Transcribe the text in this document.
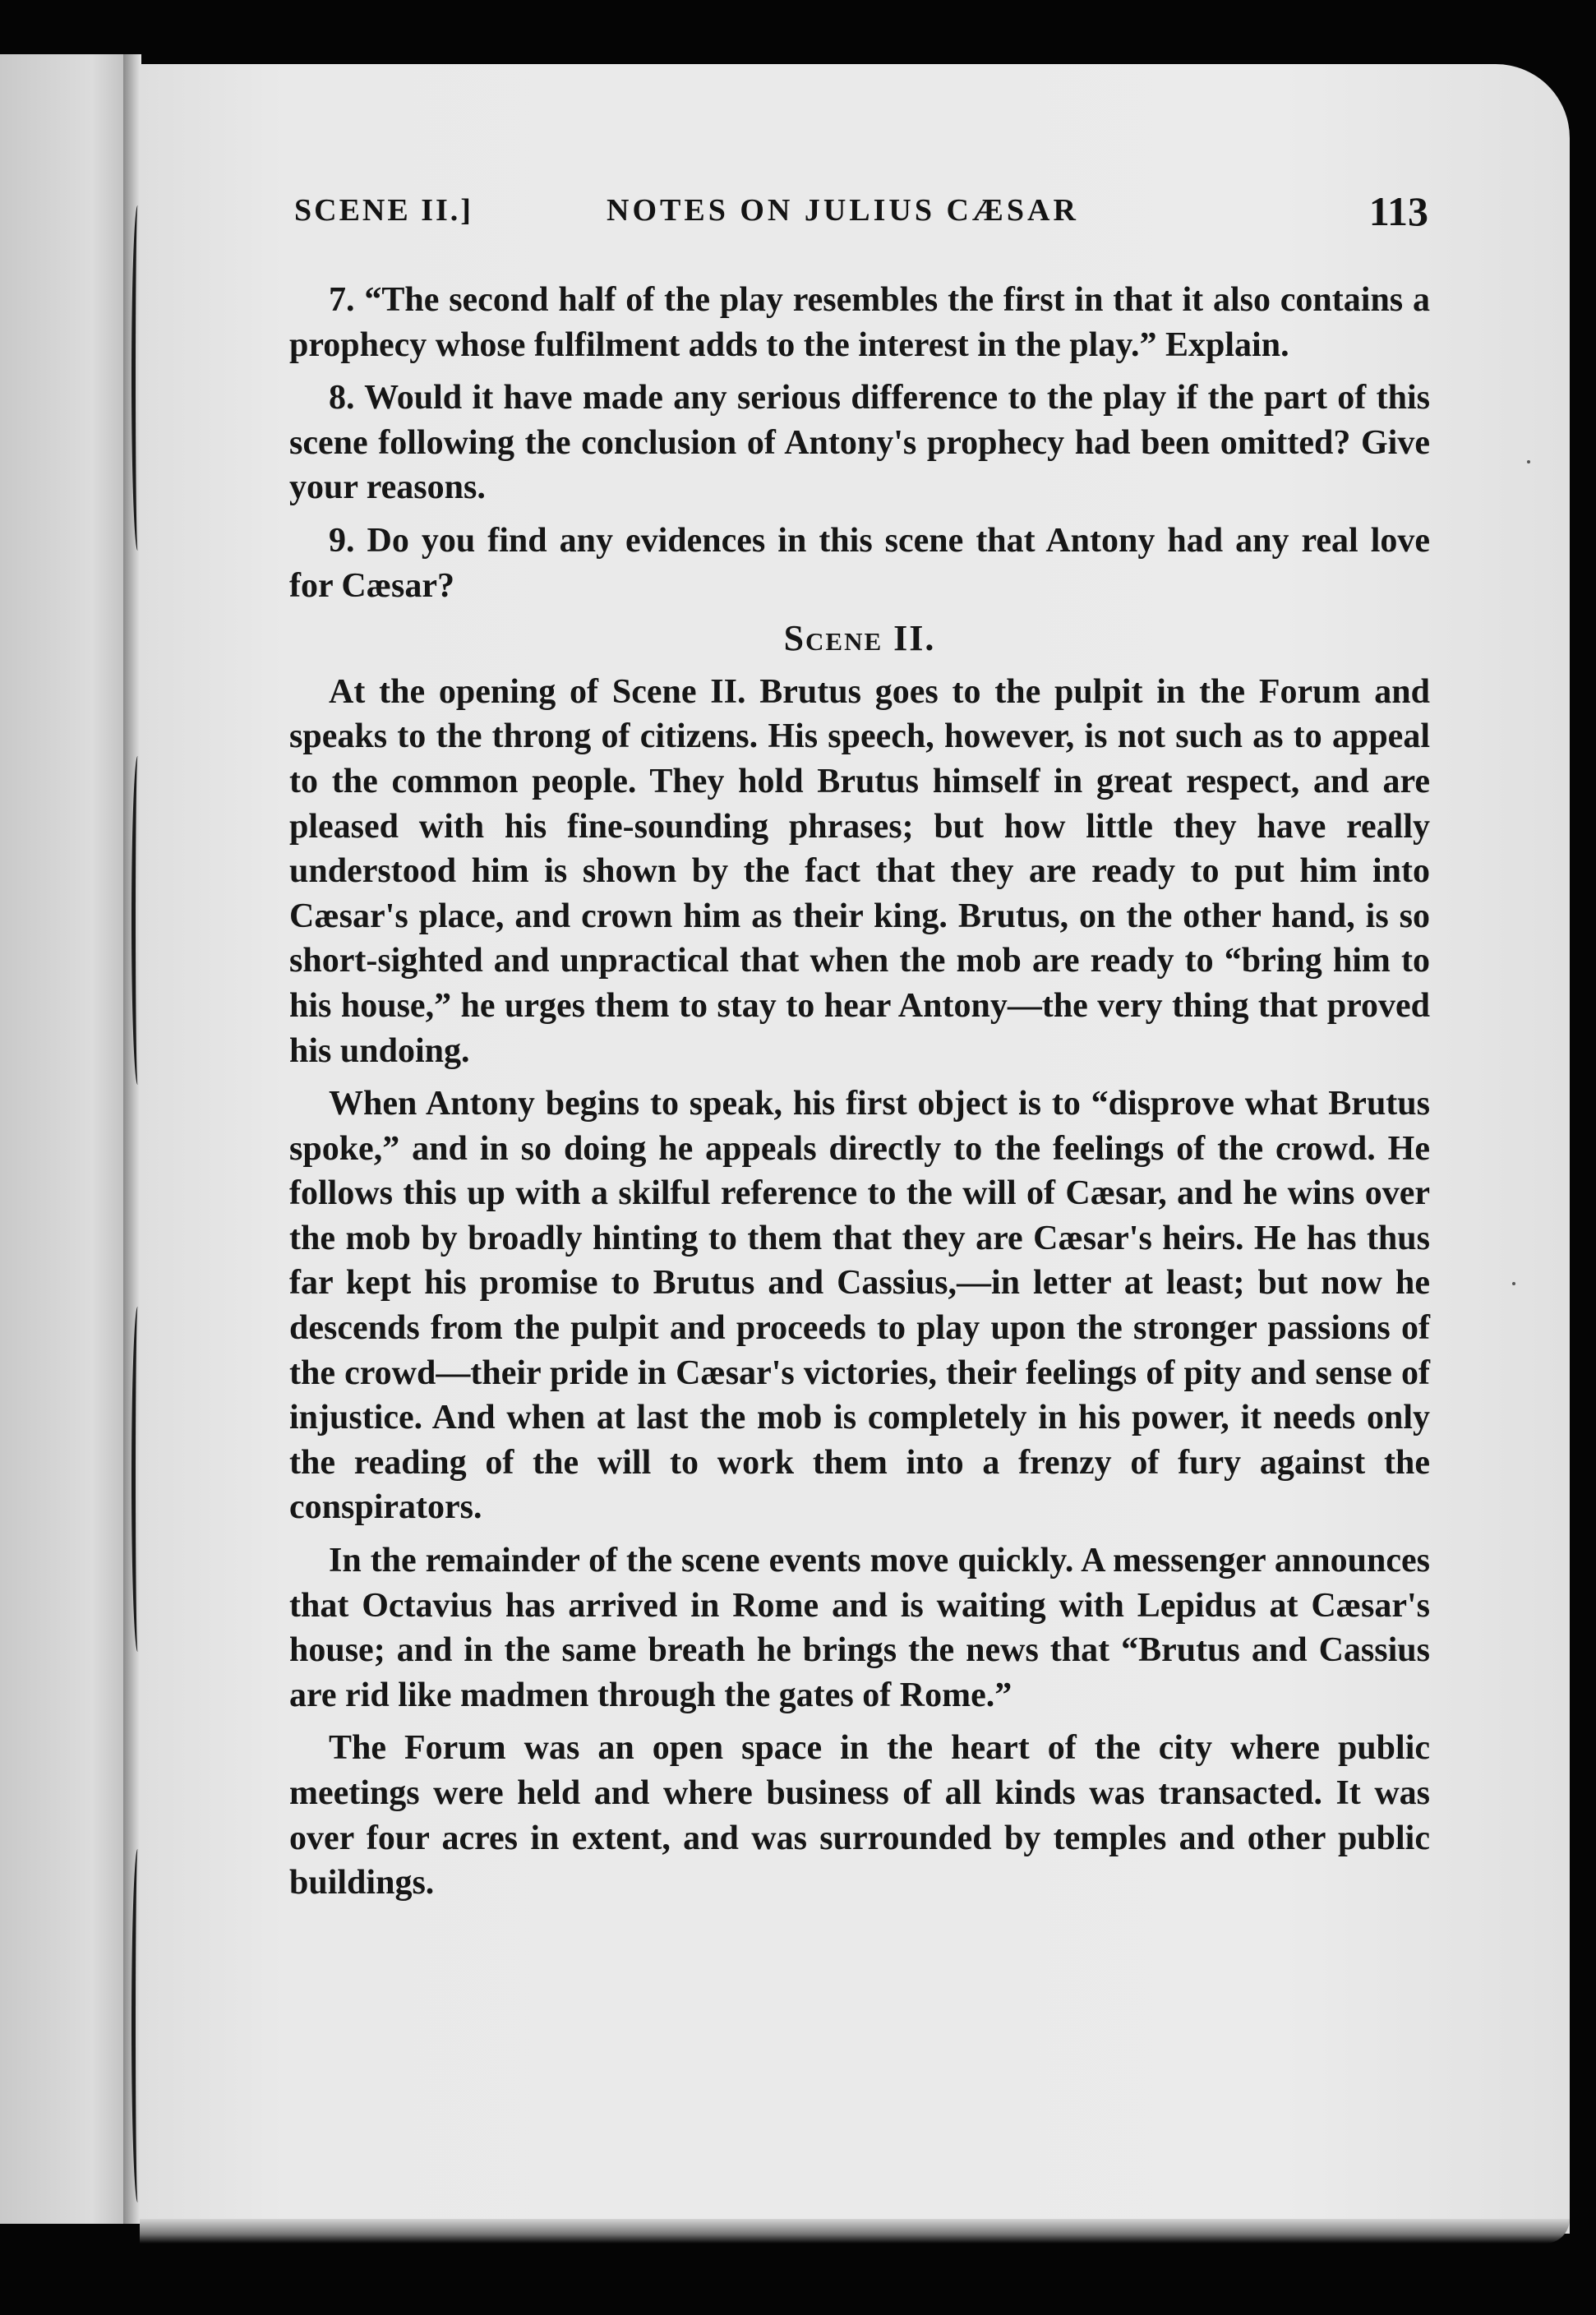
SCENE II.]	NOTES ON JULIUS CÆSAR	113

7. “The second half of the play resembles the first in that it also contains a prophecy whose fulfilment adds to the interest in the play.” Explain.

8. Would it have made any serious difference to the play if the part of this scene following the conclusion of Antony's prophecy had been omitted? Give your reasons.

9. Do you find any evidences in this scene that Antony had any real love for Cæsar?

Scene II.

At the opening of Scene II. Brutus goes to the pulpit in the Forum and speaks to the throng of citizens. His speech, however, is not such as to appeal to the common people. They hold Brutus himself in great respect, and are pleased with his fine-sounding phrases; but how little they have really understood him is shown by the fact that they are ready to put him into Cæsar's place, and crown him as their king. Brutus, on the other hand, is so short-sighted and unpractical that when the mob are ready to “bring him to his house,” he urges them to stay to hear Antony—the very thing that proved his undoing.

When Antony begins to speak, his first object is to “disprove what Brutus spoke,” and in so doing he appeals directly to the feelings of the crowd. He follows this up with a skilful reference to the will of Cæsar, and he wins over the mob by broadly hinting to them that they are Cæsar's heirs. He has thus far kept his promise to Brutus and Cassius,—in letter at least; but now he descends from the pulpit and proceeds to play upon the stronger passions of the crowd—their pride in Cæsar's victories, their feelings of pity and sense of injustice. And when at last the mob is completely in his power, it needs only the reading of the will to work them into a frenzy of fury against the conspirators.

In the remainder of the scene events move quickly. A messenger announces that Octavius has arrived in Rome and is waiting with Lepidus at Cæsar's house; and in the same breath he brings the news that “Brutus and Cassius are rid like madmen through the gates of Rome.”

The Forum was an open space in the heart of the city where public meetings were held and where business of all kinds was transacted. It was over four acres in extent, and was surrounded by temples and other public buildings.
